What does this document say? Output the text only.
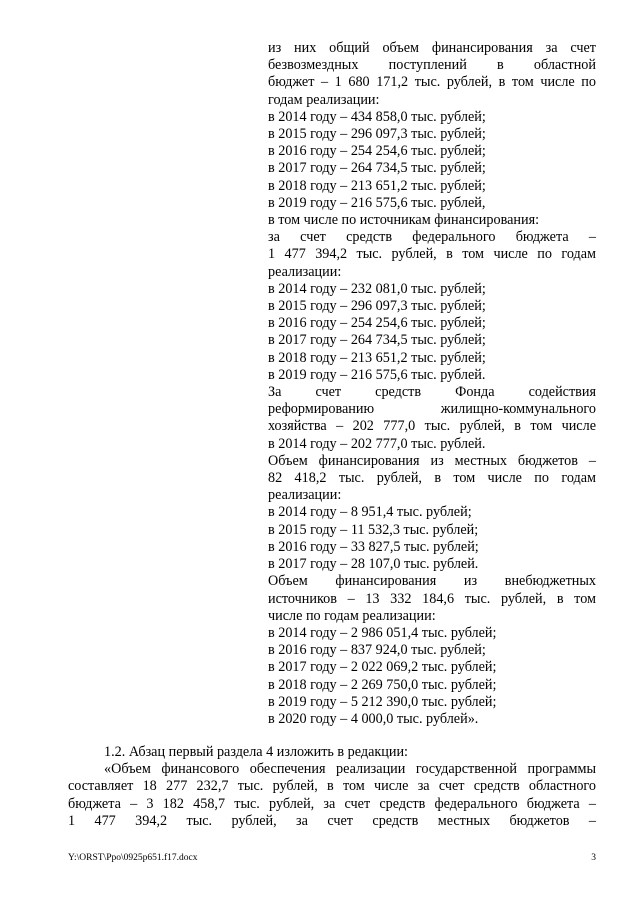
из них общий объем финансирования за счет

безвозмездных поступлений в областной

бюджет – 1 680 171,2 тыс. рублей, в том числе по

годам реализации:

в 2014 году – 434 858,0 тыс. рублей;

в 2015 году – 296 097,3 тыс. рублей;

в 2016 году – 254 254,6 тыс. рублей;

в 2017 году – 264 734,5 тыс. рублей;

в 2018 году – 213 651,2 тыс. рублей;

в 2019 году – 216 575,6 тыс. рублей,

в том числе по источникам финансирования:

за счет средств федерального бюджета –

1 477 394,2 тыс. рублей, в том числе по годам

реализации:

в 2014 году – 232 081,0 тыс. рублей;

в 2015 году – 296 097,3 тыс. рублей;

в 2016 году – 254 254,6 тыс. рублей;

в 2017 году – 264 734,5 тыс. рублей;

в 2018 году – 213 651,2 тыс. рублей;

в 2019 году – 216 575,6 тыс. рублей.

За счет средств Фонда содействия

реформированию жилищно-коммунального

хозяйства – 202 777,0 тыс. рублей, в том числе

в 2014 году – 202 777,0 тыс. рублей.

Объем финансирования из местных бюджетов –

82 418,2 тыс. рублей, в том числе по годам

реализации:

в 2014 году – 8 951,4 тыс. рублей;

в 2015 году – 11 532,3 тыс. рублей;

в 2016 году – 33 827,5 тыс. рублей;

в 2017 году – 28 107,0 тыс. рублей.

Объем финансирования из внебюджетных

источников – 13 332 184,6 тыс. рублей, в том

числе по годам реализации:

в 2014 году – 2 986 051,4 тыс. рублей;

в 2016 году – 837 924,0 тыс. рублей;

в 2017 году – 2 022 069,2 тыс. рублей;

в 2018 году – 2 269 750,0 тыс. рублей;

в 2019 году – 5 212 390,0 тыс. рублей;

в 2020 году – 4 000,0 тыс. рублей».

1.2. Абзац первый раздела 4 изложить в редакции:

«Объем финансового обеспечения реализации государственной программы

составляет 18 277 232,7 тыс. рублей, в том числе за счет средств областного

бюджета – 3 182 458,7 тыс. рублей, за счет средств федерального бюджета –

1 477 394,2 тыс. рублей, за счет средств местных бюджетов –

Y:\ORST\Ppo\0925p651.f17.docx	3
